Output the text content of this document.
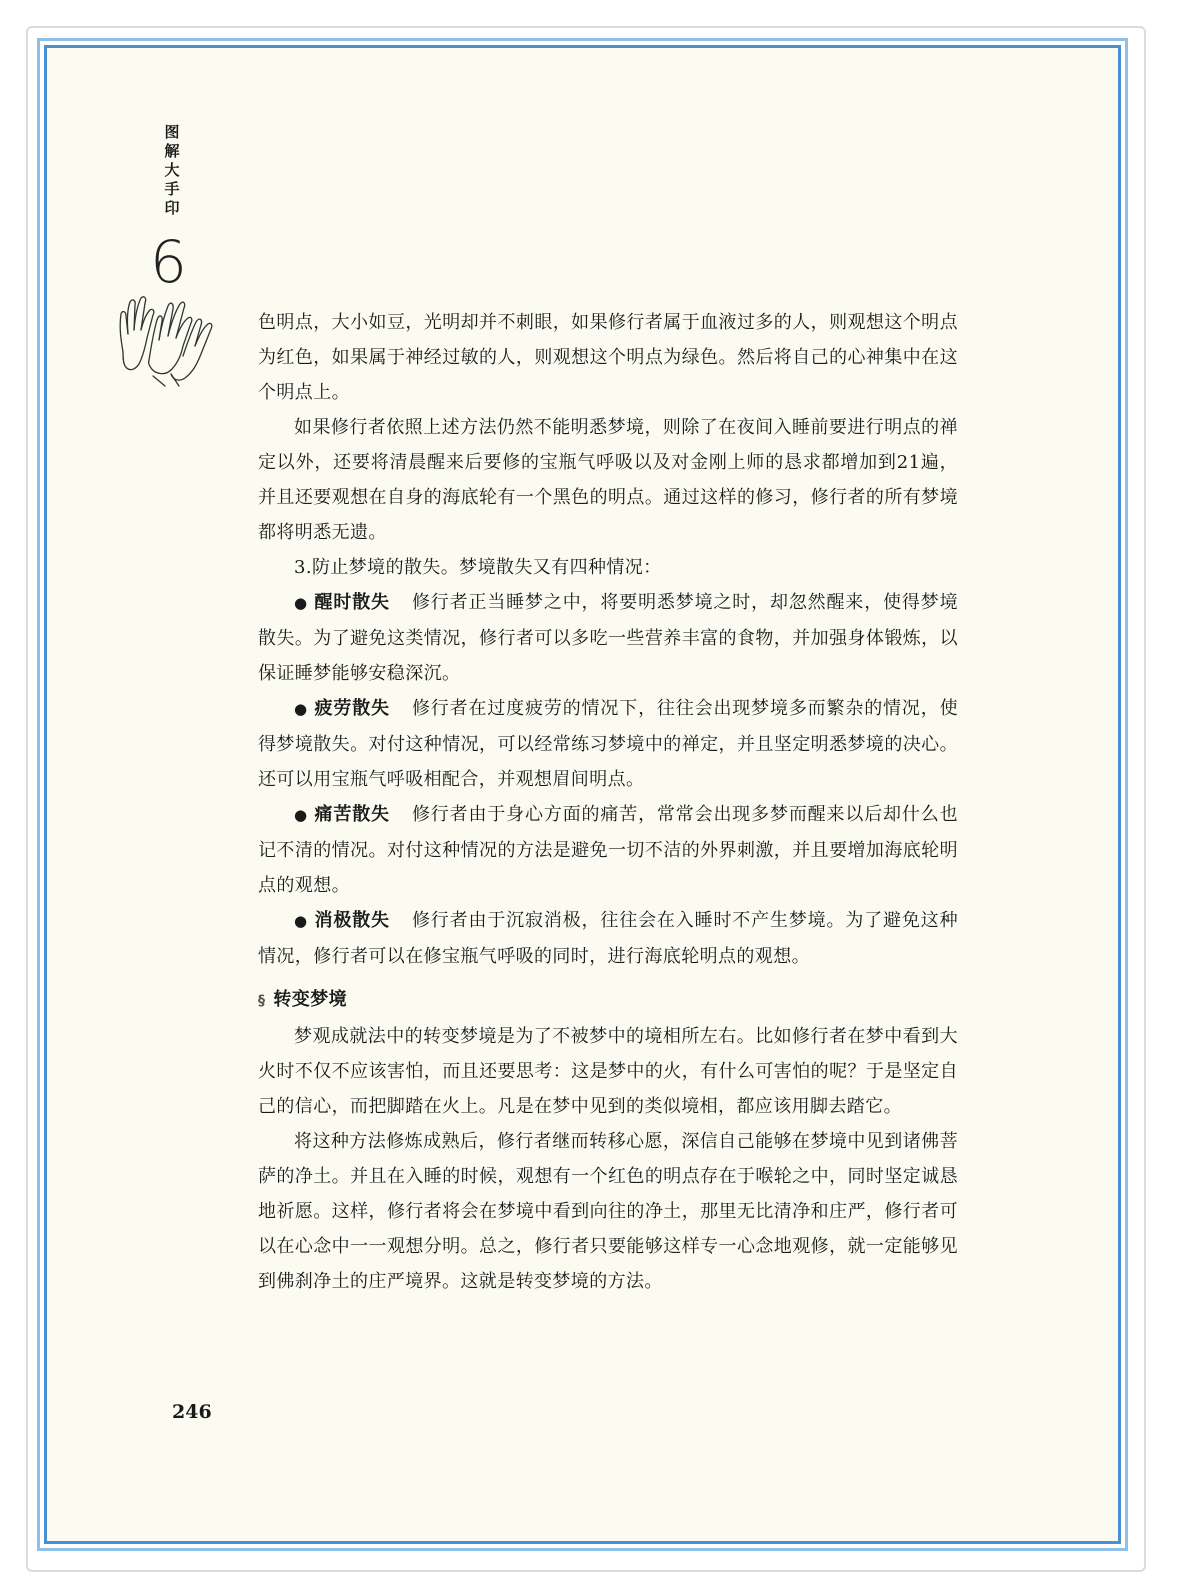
图
解
大
手
印
6

色明点，大小如豆，光明却并不刺眼，如果修行者属于血液过多的人，则观想这个明点为红色，如果属于神经过敏的人，则观想这个明点为绿色。然后将自己的心神集中在这个明点上。

如果修行者依照上述方法仍然不能明悉梦境，则除了在夜间入睡前要进行明点的禅定以外，还要将清晨醒来后要修的宝瓶气呼吸以及对金刚上师的恳求都增加到21遍，并且还要观想在自身的海底轮有一个黑色的明点。通过这样的修习，修行者的所有梦境都将明悉无遗。

3.防止梦境的散失。梦境散失又有四种情况：

● 醒时散失 修行者正当睡梦之中，将要明悉梦境之时，却忽然醒来，使得梦境散失。为了避免这类情况，修行者可以多吃一些营养丰富的食物，并加强身体锻炼，以保证睡梦能够安稳深沉。

● 疲劳散失 修行者在过度疲劳的情况下，往往会出现梦境多而繁杂的情况，使得梦境散失。对付这种情况，可以经常练习梦境中的禅定，并且坚定明悉梦境的决心。还可以用宝瓶气呼吸相配合，并观想眉间明点。

● 痛苦散失 修行者由于身心方面的痛苦，常常会出现多梦而醒来以后却什么也记不清的情况。对付这种情况的方法是避免一切不洁的外界刺激，并且要增加海底轮明点的观想。

● 消极散失 修行者由于沉寂消极，往往会在入睡时不产生梦境。为了避免这种情况，修行者可以在修宝瓶气呼吸的同时，进行海底轮明点的观想。

§ 转变梦境

梦观成就法中的转变梦境是为了不被梦中的境相所左右。比如修行者在梦中看到大火时不仅不应该害怕，而且还要思考：这是梦中的火，有什么可害怕的呢？于是坚定自己的信心，而把脚踏在火上。凡是在梦中见到的类似境相，都应该用脚去踏它。

将这种方法修炼成熟后，修行者继而转移心愿，深信自己能够在梦境中见到诸佛菩萨的净土。并且在入睡的时候，观想有一个红色的明点存在于喉轮之中，同时坚定诚恳地祈愿。这样，修行者将会在梦境中看到向往的净土，那里无比清净和庄严，修行者可以在心念中一一观想分明。总之，修行者只要能够这样专一心念地观修，就一定能够见到佛刹净土的庄严境界。这就是转变梦境的方法。

246
